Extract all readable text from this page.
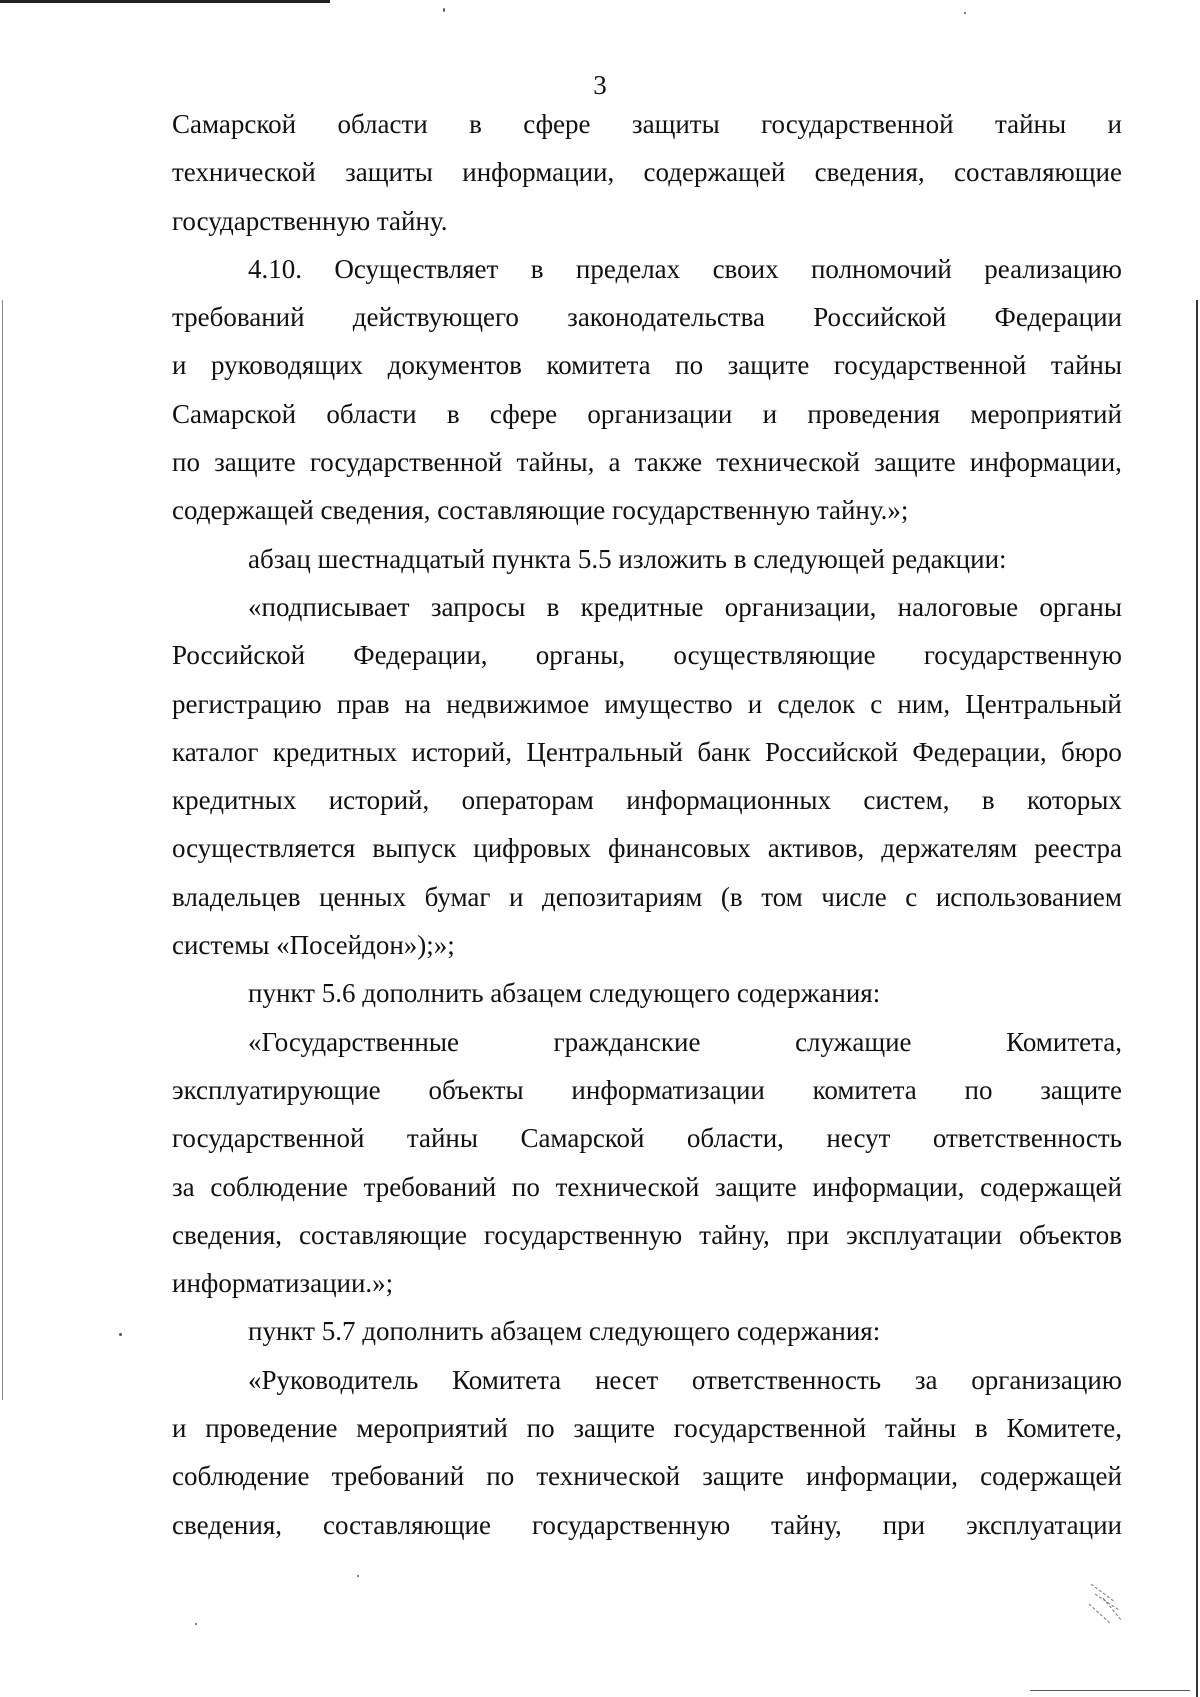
3
Самарской области в сфере защиты государственной тайны и
технической защиты информации, содержащей сведения, составляющие
государственную тайну.
4.10. Осуществляет в пределах своих полномочий реализацию
требований действующего законодательства Российской Федерации
и руководящих документов комитета по защите государственной тайны
Самарской области в сфере организации и проведения мероприятий
по защите государственной тайны, а также технической защите информации,
содержащей сведения, составляющие государственную тайну.»;
абзац шестнадцатый пункта 5.5 изложить в следующей редакции:
«подписывает запросы в кредитные организации, налоговые органы
Российской Федерации, органы, осуществляющие государственную
регистрацию прав на недвижимое имущество и сделок с ним, Центральный
каталог кредитных историй, Центральный банк Российской Федерации, бюро
кредитных историй, операторам информационных систем, в которых
осуществляется выпуск цифровых финансовых активов, держателям реестра
владельцев ценных бумаг и депозитариям (в том числе с использованием
системы «Посейдон»);»;
пункт 5.6 дополнить абзацем следующего содержания:
«Государственные	гражданские	служащие	Комитета,
эксплуатирующие объекты информатизации комитета по защите
государственной тайны Самарской области, несут ответственность
за соблюдение требований по технической защите информации, содержащей
сведения, составляющие государственную тайну, при эксплуатации объектов
информатизации.»;
пункт 5.7 дополнить абзацем следующего содержания:
«Руководитель Комитета несет ответственность за организацию
и проведение мероприятий по защите государственной тайны в Комитете,
соблюдение требований по технической защите информации, содержащей
сведения, составляющие государственную тайну, при эксплуатации
